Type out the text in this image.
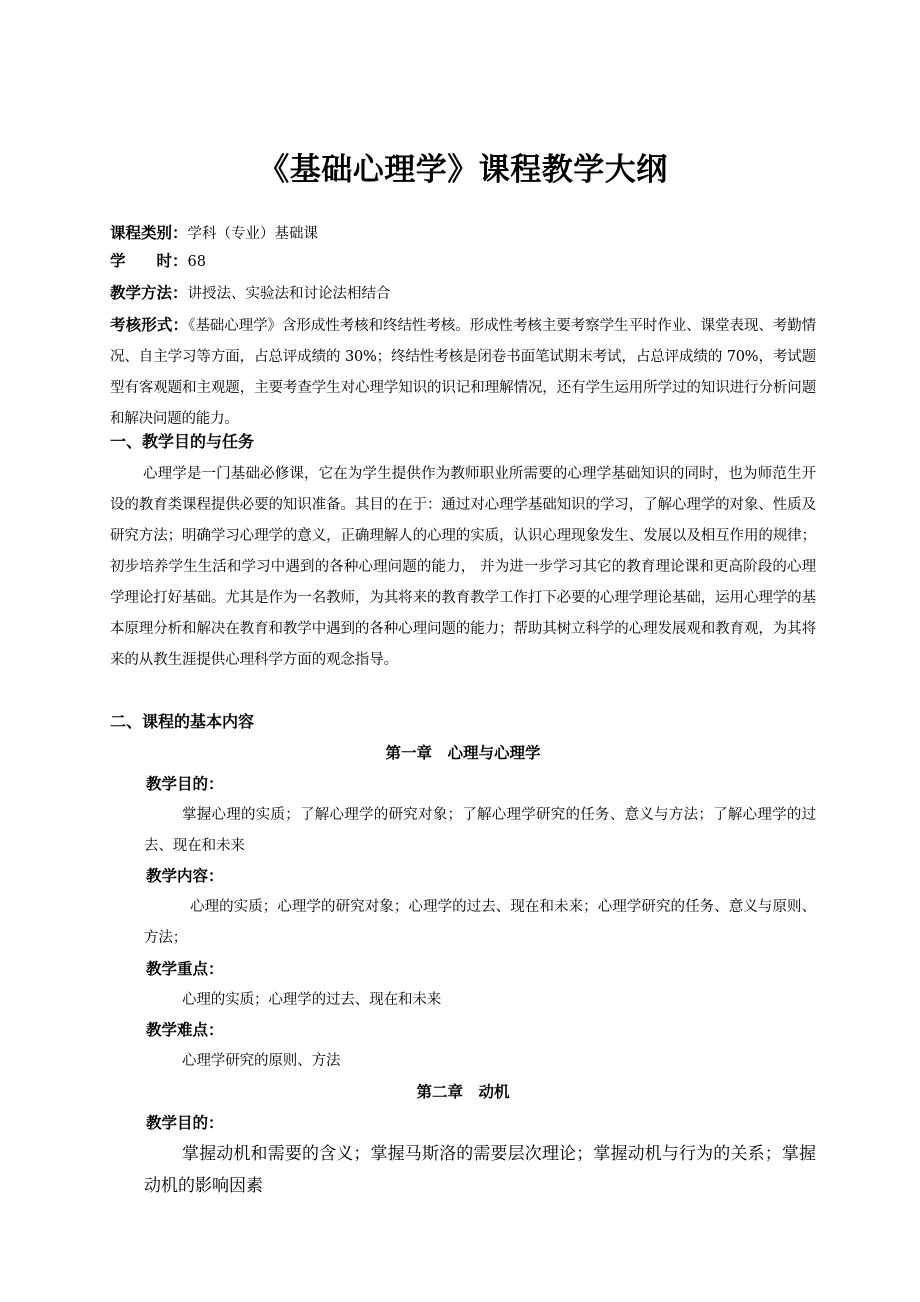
《基础心理学》课程教学大纲
课程类别：学科（专业）基础课
学　　时：68
教学方法：讲授法、实验法和讨论法相结合
考核形式：《基础心理学》含形成性考核和终结性考核。形成性考核主要考察学生平时作业、课堂表现、考勤情况、自主学习等方面，占总评成绩的 30%；终结性考核是闭卷书面笔试期末考试，占总评成绩的 70%，考试题型有客观题和主观题，主要考查学生对心理学知识的识记和理解情况，还有学生运用所学过的知识进行分析问题和解决问题的能力。
一、教学目的与任务
心理学是一门基础必修课，它在为学生提供作为教师职业所需要的心理学基础知识的同时，也为师范生开设的教育类课程提供必要的知识准备。其目的在于：通过对心理学基础知识的学习，了解心理学的对象、性质及研究方法；明确学习心理学的意义，正确理解人的心理的实质，认识心理现象发生、发展以及相互作用的规律；初步培养学生生活和学习中遇到的各种心理问题的能力， 并为进一步学习其它的教育理论课和更高阶段的心理学理论打好基础。尤其是作为一名教师，为其将来的教育教学工作打下必要的心理学理论基础，运用心理学的基本原理分析和解决在教育和教学中遇到的各种心理问题的能力；帮助其树立科学的心理发展观和教育观，为其将来的从教生涯提供心理科学方面的观念指导。
二、课程的基本内容
第一章　心理与心理学
教学目的：
掌握心理的实质；了解心理学的研究对象；了解心理学研究的任务、意义与方法；了解心理学的过去、现在和未来
教学内容：
心理的实质；心理学的研究对象；心理学的过去、现在和未来；心理学研究的任务、意义与原则、方法；
教学重点：
心理的实质；心理学的过去、现在和未来
教学难点：
心理学研究的原则、方法
第二章　动机
教学目的：
掌握动机和需要的含义；掌握马斯洛的需要层次理论；掌握动机与行为的关系；掌握动机的影响因素
